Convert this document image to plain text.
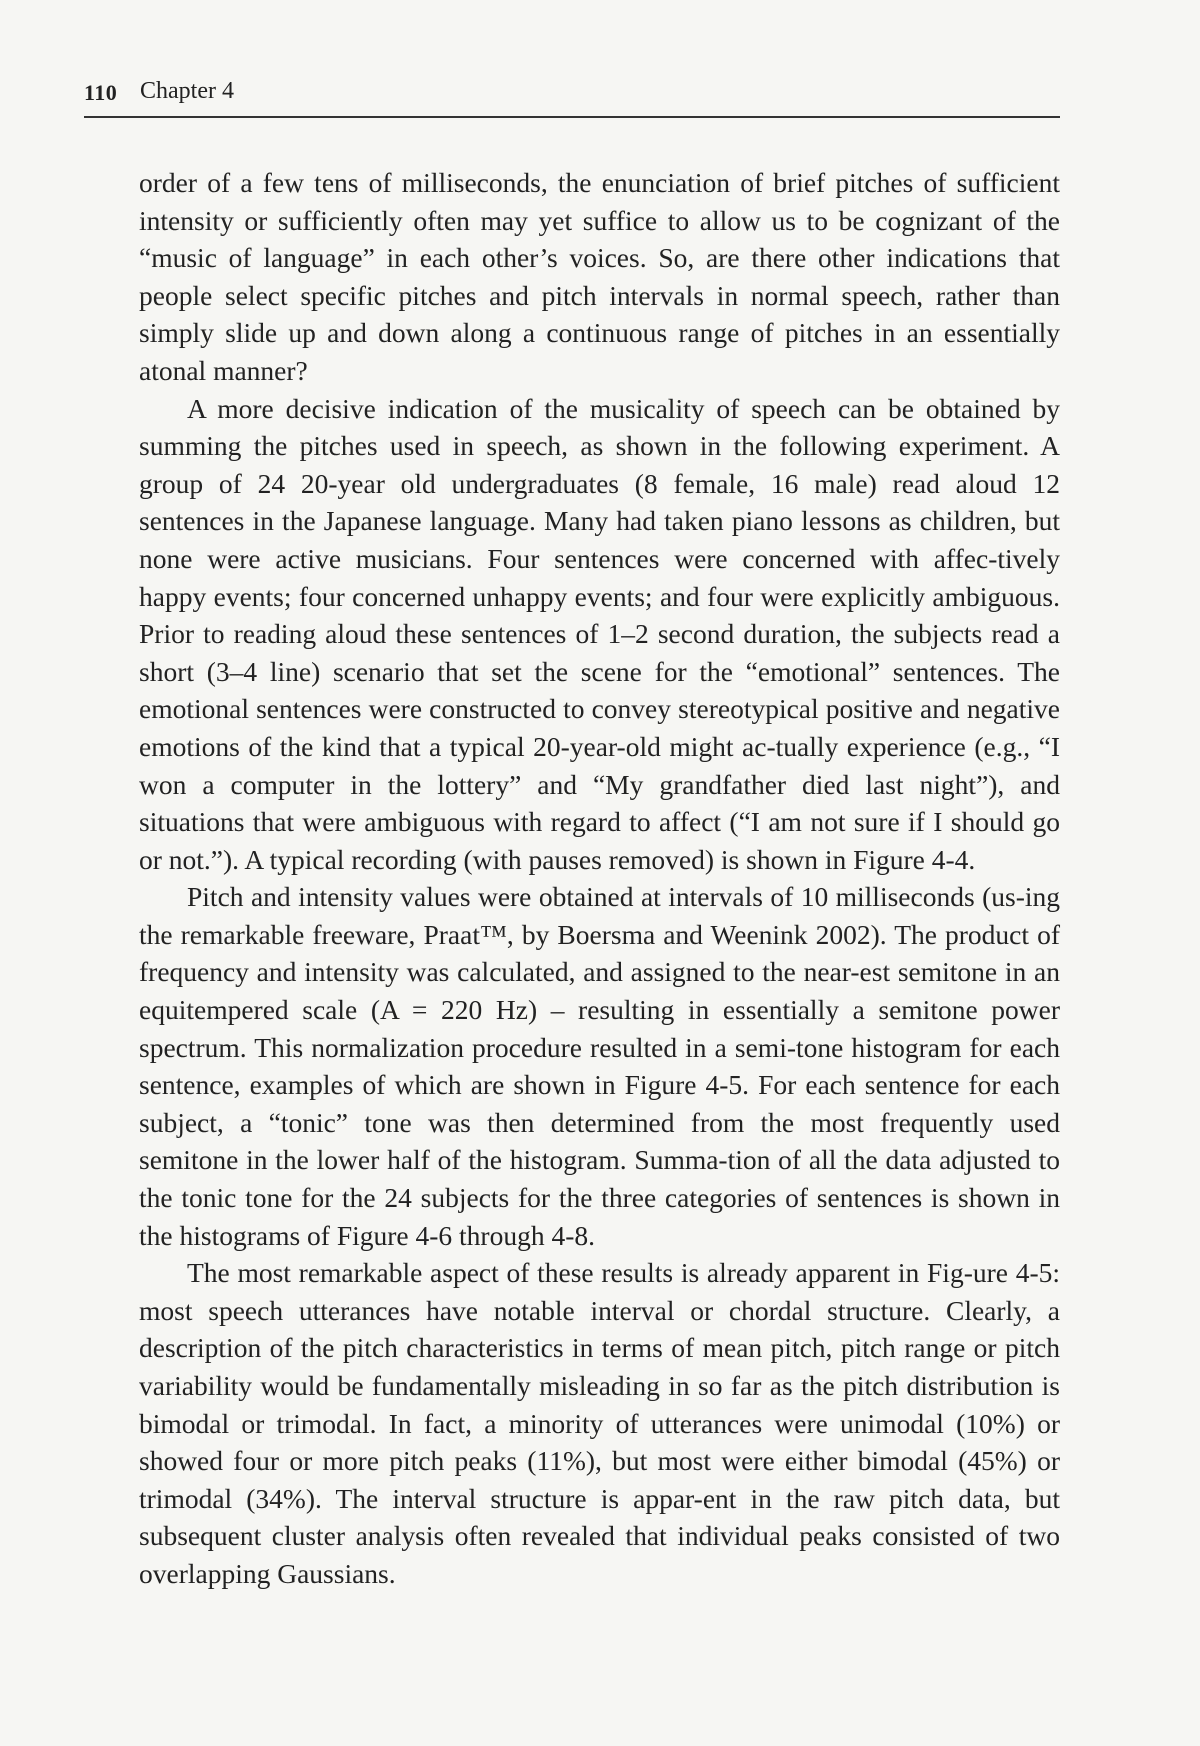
110 Chapter 4

order of a few tens of milliseconds, the enunciation of brief pitches of sufficient intensity or sufficiently often may yet suffice to allow us to be cognizant of the “music of language” in each other’s voices. So, are there other indications that people select specific pitches and pitch intervals in normal speech, rather than simply slide up and down along a continuous range of pitches in an essentially atonal manner?

A more decisive indication of the musicality of speech can be obtained by summing the pitches used in speech, as shown in the following experiment. A group of 24 20-year old undergraduates (8 female, 16 male) read aloud 12 sentences in the Japanese language. Many had taken piano lessons as children, but none were active musicians. Four sentences were concerned with affec-tively happy events; four concerned unhappy events; and four were explicitly ambiguous. Prior to reading aloud these sentences of 1–2 second duration, the subjects read a short (3–4 line) scenario that set the scene for the “emotional” sentences. The emotional sentences were constructed to convey stereotypical positive and negative emotions of the kind that a typical 20-year-old might ac-tually experience (e.g., “I won a computer in the lottery” and “My grandfather died last night”), and situations that were ambiguous with regard to affect (“I am not sure if I should go or not.”). A typical recording (with pauses removed) is shown in Figure 4-4.

Pitch and intensity values were obtained at intervals of 10 milliseconds (us-ing the remarkable freeware, Praat™, by Boersma and Weenink 2002). The product of frequency and intensity was calculated, and assigned to the near-est semitone in an equitempered scale (A = 220 Hz) – resulting in essentially a semitone power spectrum. This normalization procedure resulted in a semi-tone histogram for each sentence, examples of which are shown in Figure 4-5. For each sentence for each subject, a “tonic” tone was then determined from the most frequently used semitone in the lower half of the histogram. Summa-tion of all the data adjusted to the tonic tone for the 24 subjects for the three categories of sentences is shown in the histograms of Figure 4-6 through 4-8.

The most remarkable aspect of these results is already apparent in Fig-ure 4-5: most speech utterances have notable interval or chordal structure. Clearly, a description of the pitch characteristics in terms of mean pitch, pitch range or pitch variability would be fundamentally misleading in so far as the pitch distribution is bimodal or trimodal. In fact, a minority of utterances were unimodal (10%) or showed four or more pitch peaks (11%), but most were either bimodal (45%) or trimodal (34%). The interval structure is appar-ent in the raw pitch data, but subsequent cluster analysis often revealed that individual peaks consisted of two overlapping Gaussians.
